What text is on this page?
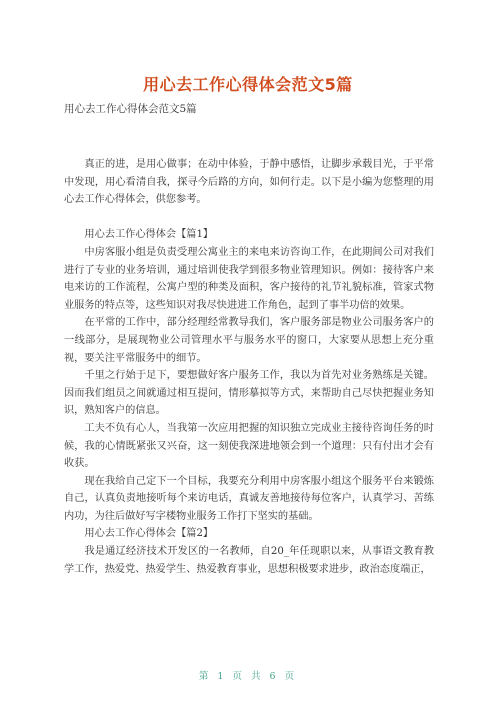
用心去工作心得体会范文5篇
用心去工作心得体会范文5篇

真正的进，是用心做事；在动中体验，于静中感悟，让脚步承载目光，于平常中发现，用心看清自我，探寻今后路的方向，如何行走。以下是小编为您整理的用心去工作心得体会，供您参考。

用心去工作心得体会【篇1】

中房客服小组是负责受理公寓业主的来电来访咨询工作，在此期间公司对我们进行了专业的业务培训，通过培训使我学到很多物业管理知识。例如：接待客户来电来访的工作流程，公寓户型的种类及面积，客户接待的礼节礼貌标准，管家式物业服务的特点等，这些知识对我尽快进进工作角色，起到了事半功倍的效果。

在平常的工作中，部分经理经常教导我们，客户服务部是物业公司服务客户的一线部分，是展现物业公司管理水平与服务水平的窗口，大家要从思想上充分重视，要关注平常服务中的细节。

千里之行始于足下，要想做好客户服务工作，我以为首先对业务熟练是关键。因而我们组员之间就通过相互提问，情形摹拟等方式，来帮助自己尽快把握业务知识，熟知客户的信息。

工夫不负有心人，当我第一次应用把握的知识独立完成业主接待咨询任务的时候，我的心情既紧张又兴奋，这一刻使我深进地领会到一个道理：只有付出才会有收获。

现在我给自己定下一个目标，我要充分利用中房客服小组这个服务平台来锻炼自己，认真负责地接听每个来访电话，真诚友善地接待每位客户，认真学习、苦练内功，为往后做好写字楼物业服务工作打下坚实的基础。

用心去工作心得体会【篇2】

我是通辽经济技术开发区的一名教师，自20_年任现职以来，从事语文教育教学工作，热爱党、热爱学生、热爱教育事业，思想积极要求进步，政治态度端正，

第 1 页 共 6 页
